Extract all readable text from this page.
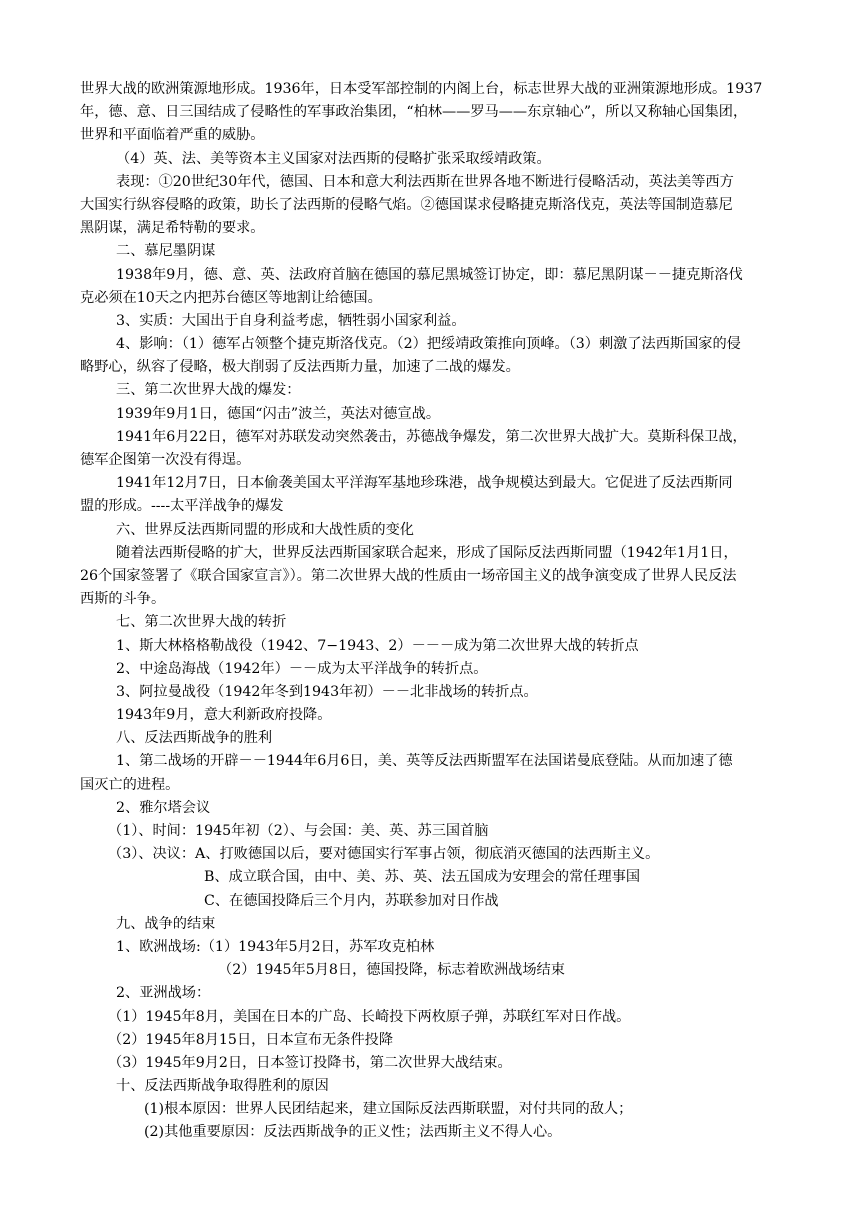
世界大战的欧洲策源地形成。1936年，日本受军部控制的内阁上台，标志世界大战的亚洲策源地形成。1937
年，德、意、日三国结成了侵略性的军事政治集团，“柏林——罗马——东京轴心”，所以又称轴心国集团，
世界和平面临着严重的威胁。
（4）英、法、美等资本主义国家对法西斯的侵略扩张采取绥靖政策。
表现：①20世纪30年代，德国、日本和意大利法西斯在世界各地不断进行侵略活动，英法美等西方
大国实行纵容侵略的政策，助长了法西斯的侵略气焰。②德国谋求侵略捷克斯洛伐克，英法等国制造慕尼
黑阴谋，满足希特勒的要求。
二、慕尼墨阴谋
1938年9月，德、意、英、法政府首脑在德国的慕尼黑城签订协定，即：慕尼黑阴谋－－捷克斯洛伐
克必须在10天之内把苏台德区等地割让给德国。
3、实质：大国出于自身利益考虑，牺牲弱小国家利益。
4、影响：（1）德军占领整个捷克斯洛伐克。（2）把绥靖政策推向顶峰。（3）刺激了法西斯国家的侵
略野心，纵容了侵略，极大削弱了反法西斯力量，加速了二战的爆发。
三、第二次世界大战的爆发：
1939年9月1日，德国“闪击”波兰，英法对德宣战。
1941年6月22日，德军对苏联发动突然袭击，苏德战争爆发，第二次世界大战扩大。莫斯科保卫战，
德军企图第一次没有得逞。
1941年12月7日，日本偷袭美国太平洋海军基地珍珠港，战争规模达到最大。它促进了反法西斯同
盟的形成。----太平洋战争的爆发
六、世界反法西斯同盟的形成和大战性质的变化
随着法西斯侵略的扩大，世界反法西斯国家联合起来，形成了国际反法西斯同盟（1942年1月1日，
26个国家签署了《联合国家宣言》）。第二次世界大战的性质由一场帝国主义的战争演变成了世界人民反法
西斯的斗争。
七、第二次世界大战的转折
1、斯大林格格勒战役（1942、7−1943、2）－－－成为第二次世界大战的转折点
2、中途岛海战（1942年）－－成为太平洋战争的转折点。
3、阿拉曼战役（1942年冬到1943年初）－－北非战场的转折点。
1943年9月，意大利新政府投降。
八、反法西斯战争的胜利
1、第二战场的开辟－－1944年6月6日，美、英等反法西斯盟军在法国诺曼底登陆。从而加速了德
国灭亡的进程。
2、雅尔塔会议
（1）、时间：1945年初（2）、与会国：美、英、苏三国首脑
（3）、决议：A、打败德国以后，要对德国实行军事占领，彻底消灭德国的法西斯主义。
B、成立联合国，由中、美、苏、英、法五国成为安理会的常任理事国
C、在德国投降后三个月内，苏联参加对日作战
九、战争的结束
1、欧洲战场:（1）1943年5月2日，苏军攻克柏林
（2）1945年5月8日，德国投降，标志着欧洲战场结束
2、亚洲战场：
（1）1945年8月，美国在日本的广岛、长崎投下两枚原子弹，苏联红军对日作战。
（2）1945年8月15日，日本宣布无条件投降
（3）1945年9月2日，日本签订投降书，第二次世界大战结束。
十、反法西斯战争取得胜利的原因
(1)根本原因：世界人民团结起来，建立国际反法西斯联盟，对付共同的敌人；
(2)其他重要原因：反法西斯战争的正义性；法西斯主义不得人心。
